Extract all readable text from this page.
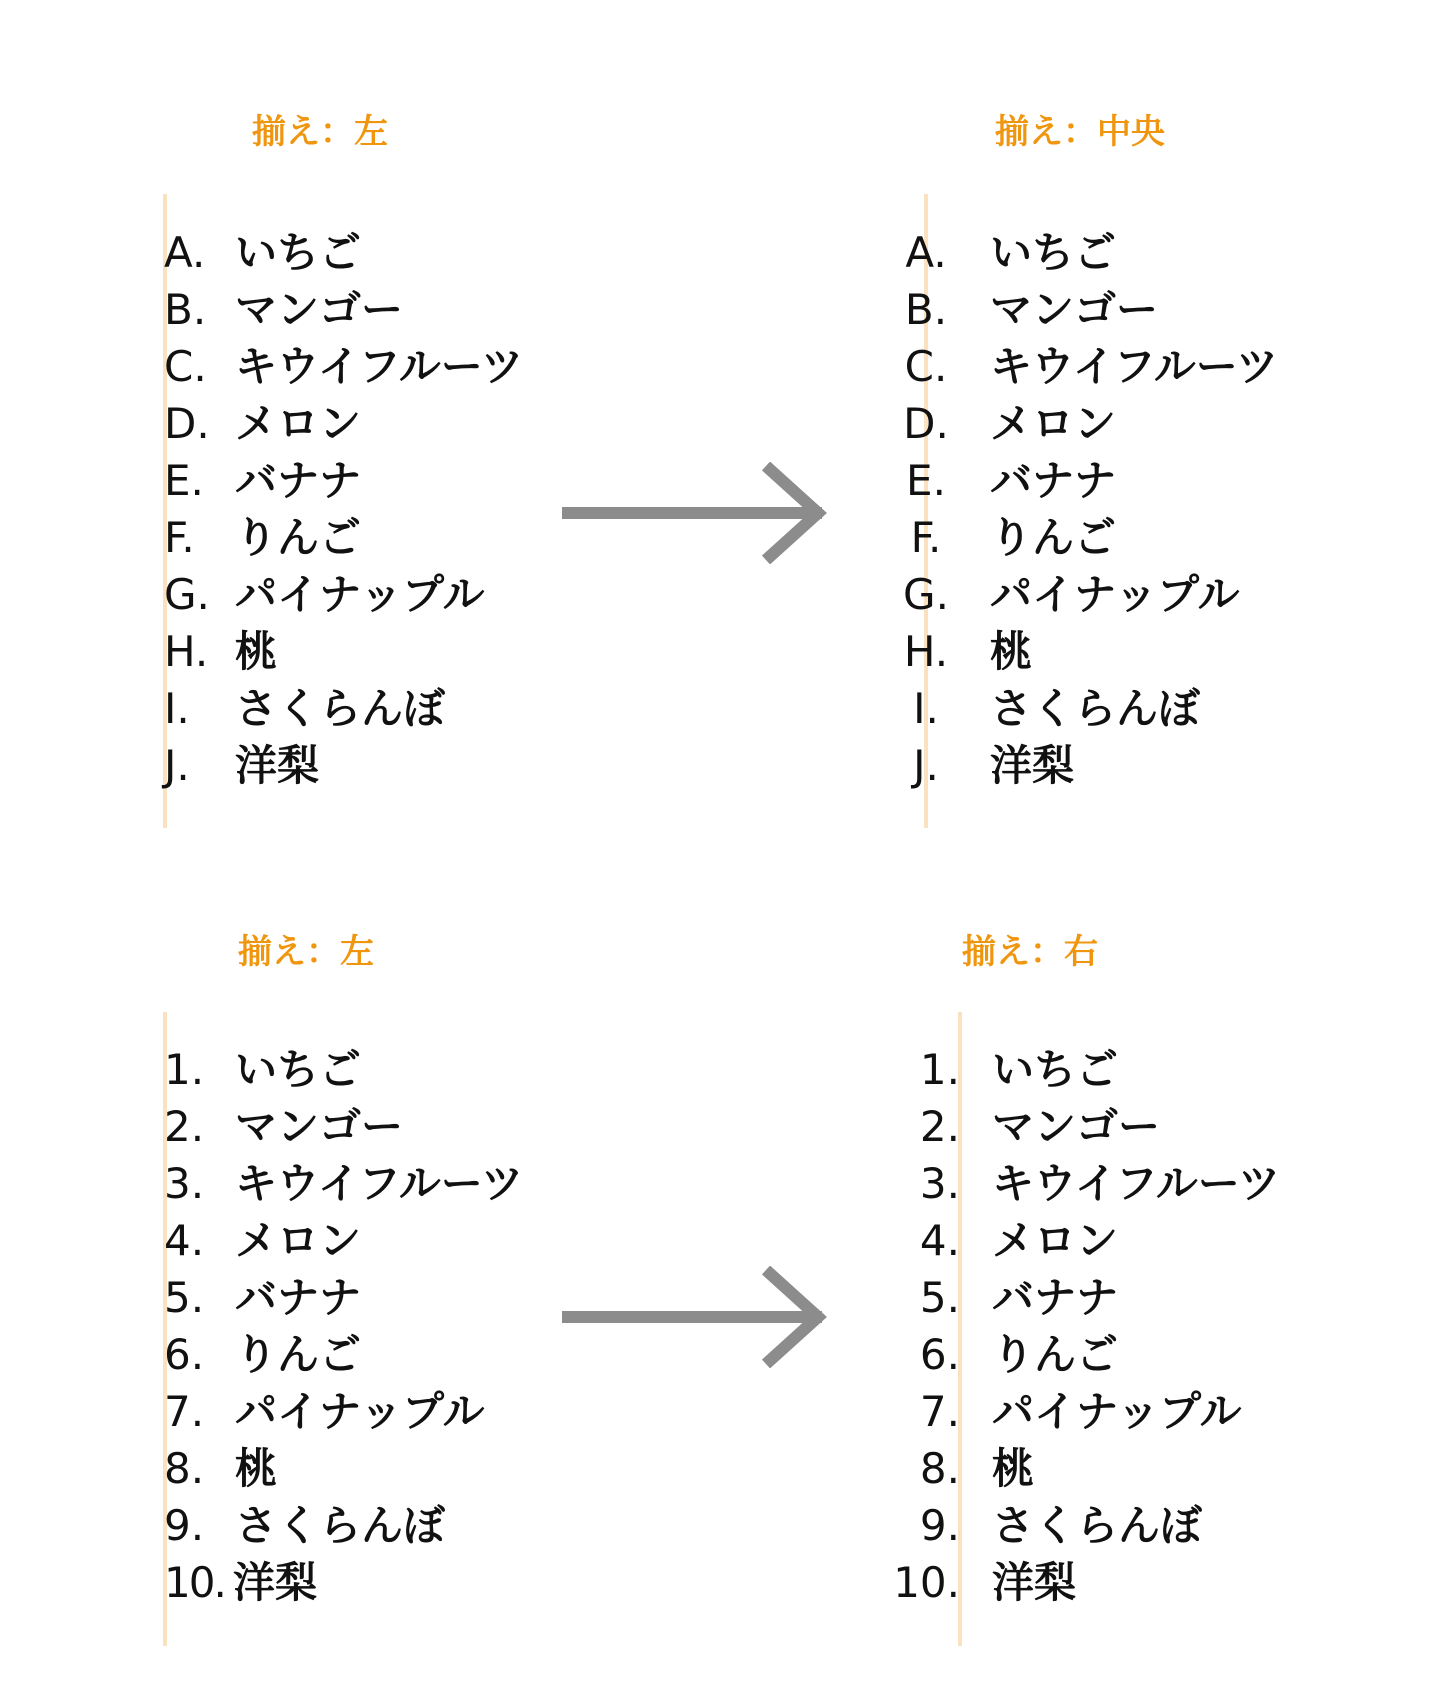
揃え：左
A. いちご
B. マンゴー
C. キウイフルーツ
D. メロン
E. バナナ
F. りんご
G. パイナップル
H. 桃
I. さくらんぼ
J. 洋梨
揃え：中央
A. いちご
B. マンゴー
C. キウイフルーツ
D. メロン
E. バナナ
F. りんご
G. パイナップル
H. 桃
I. さくらんぼ
J. 洋梨
揃え：左
1. いちご
2. マンゴー
3. キウイフルーツ
4. メロン
5. バナナ
6. りんご
7. パイナップル
8. 桃
9. さくらんぼ
10. 洋梨
揃え：右
1. いちご
2. マンゴー
3. キウイフルーツ
4. メロン
5. バナナ
6. りんご
7. パイナップル
8. 桃
9. さくらんぼ
10. 洋梨
